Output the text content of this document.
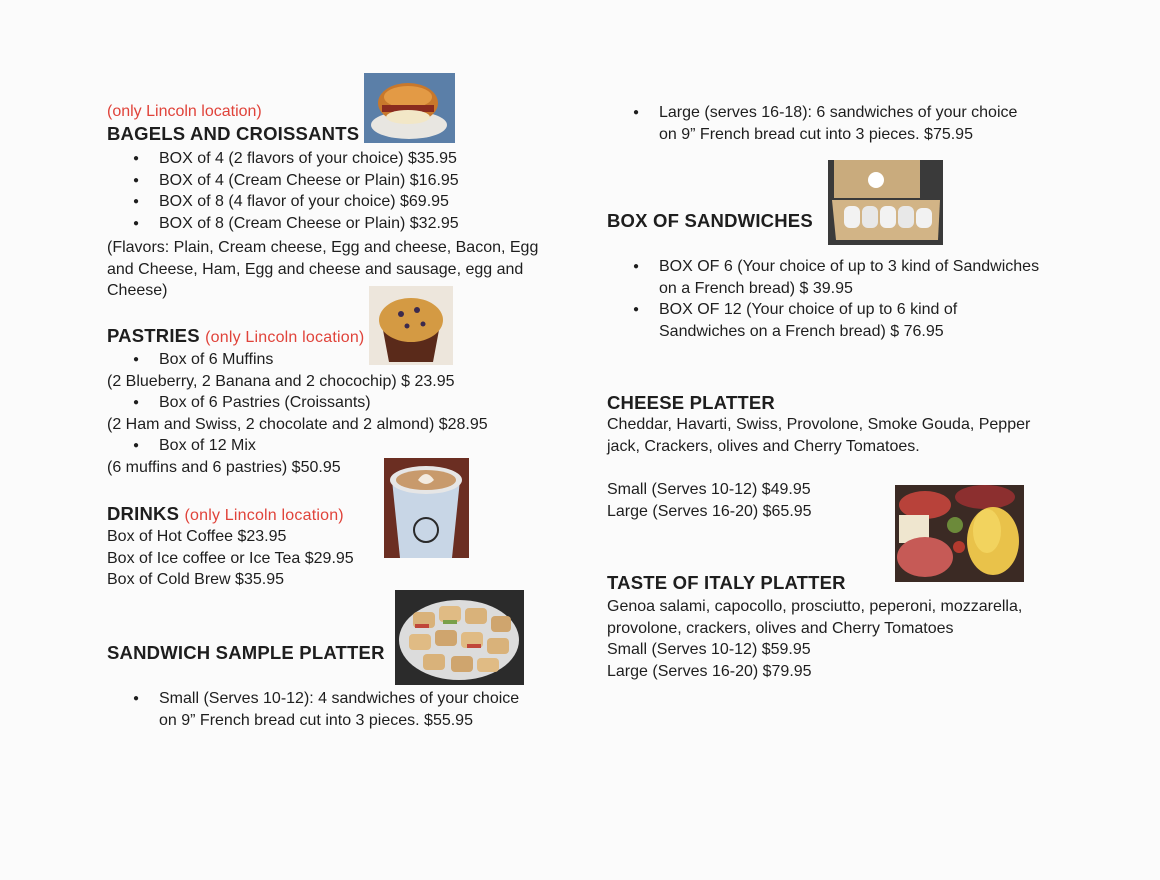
(only Lincoln location)
BAGELS AND CROISSANTS
● BOX of 4 (2 flavors of your choice) $35.95
● BOX of 4 (Cream Cheese or Plain) $16.95
● BOX of 8 (4 flavor of your choice) $69.95
● BOX of 8 (Cream Cheese or Plain) $32.95
(Flavors: Plain, Cream cheese, Egg and cheese, Bacon, Egg
and Cheese, Ham, Egg and cheese and sausage, egg and
Cheese)
PASTRIES (only Lincoln location)
● Box of 6 Muffins
(2 Blueberry, 2 Banana and 2 chocochip) $ 23.95
● Box of 6 Pastries (Croissants)
(2 Ham and Swiss, 2 chocolate and 2 almond) $28.95
● Box of 12 Mix
(6 muffins and 6 pastries) $50.95
DRINKS (only Lincoln location)
Box of Hot Coffee $23.95
Box of Ice coffee or Ice Tea $29.95
Box of Cold Brew $35.95
SANDWICH SAMPLE PLATTER
● Small (Serves 10-12): 4 sandwiches of your choice
on 9” French bread cut into 3 pieces. $55.95
● Large (serves 16-18): 6 sandwiches of your choice
on 9” French bread cut into 3 pieces. $75.95
BOX OF SANDWICHES
● BOX OF 6 (Your choice of up to 3 kind of Sandwiches
on a French bread) $ 39.95
● BOX OF 12 (Your choice of up to 6 kind of
Sandwiches on a French bread) $ 76.95
CHEESE PLATTER
Cheddar, Havarti, Swiss, Provolone, Smoke Gouda, Pepper
jack, Crackers, olives and Cherry Tomatoes.
Small (Serves 10-12) $49.95
Large (Serves 16-20) $65.95
TASTE OF ITALY PLATTER
Genoa salami, capocollo, prosciutto, peperoni, mozzarella,
provolone, crackers, olives and Cherry Tomatoes
Small (Serves 10-12) $59.95
Large (Serves 16-20) $79.95
